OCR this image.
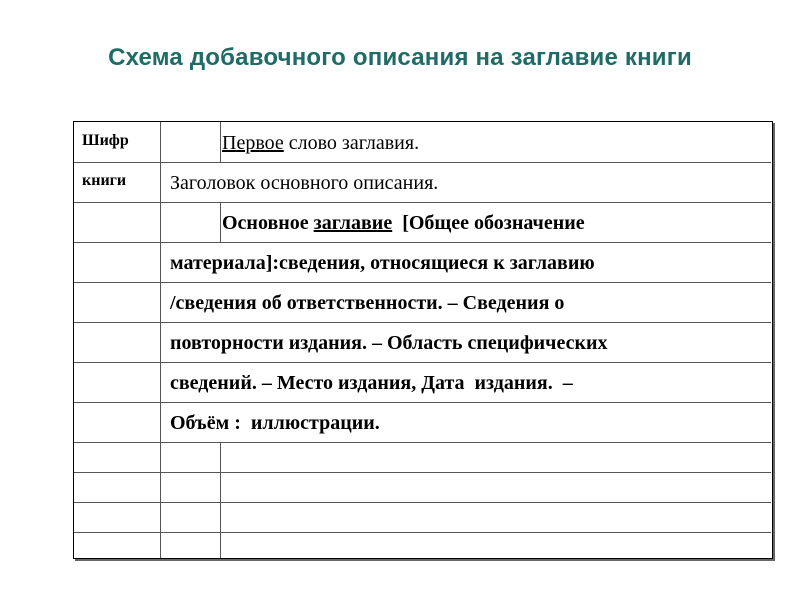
Схема добавочного описания на заглавие книги
Шифр
книги
Первое слово заглавия.
Заголовок основного описания.
Основное заглавие  [Общее обозначение
материала]:сведения, относящиеся к заглавию
/сведения об ответственности. – Сведения о
повторности издания. – Область специфических
сведений. – Место издания, Дата  издания.  –
Объём :  иллюстрации.
